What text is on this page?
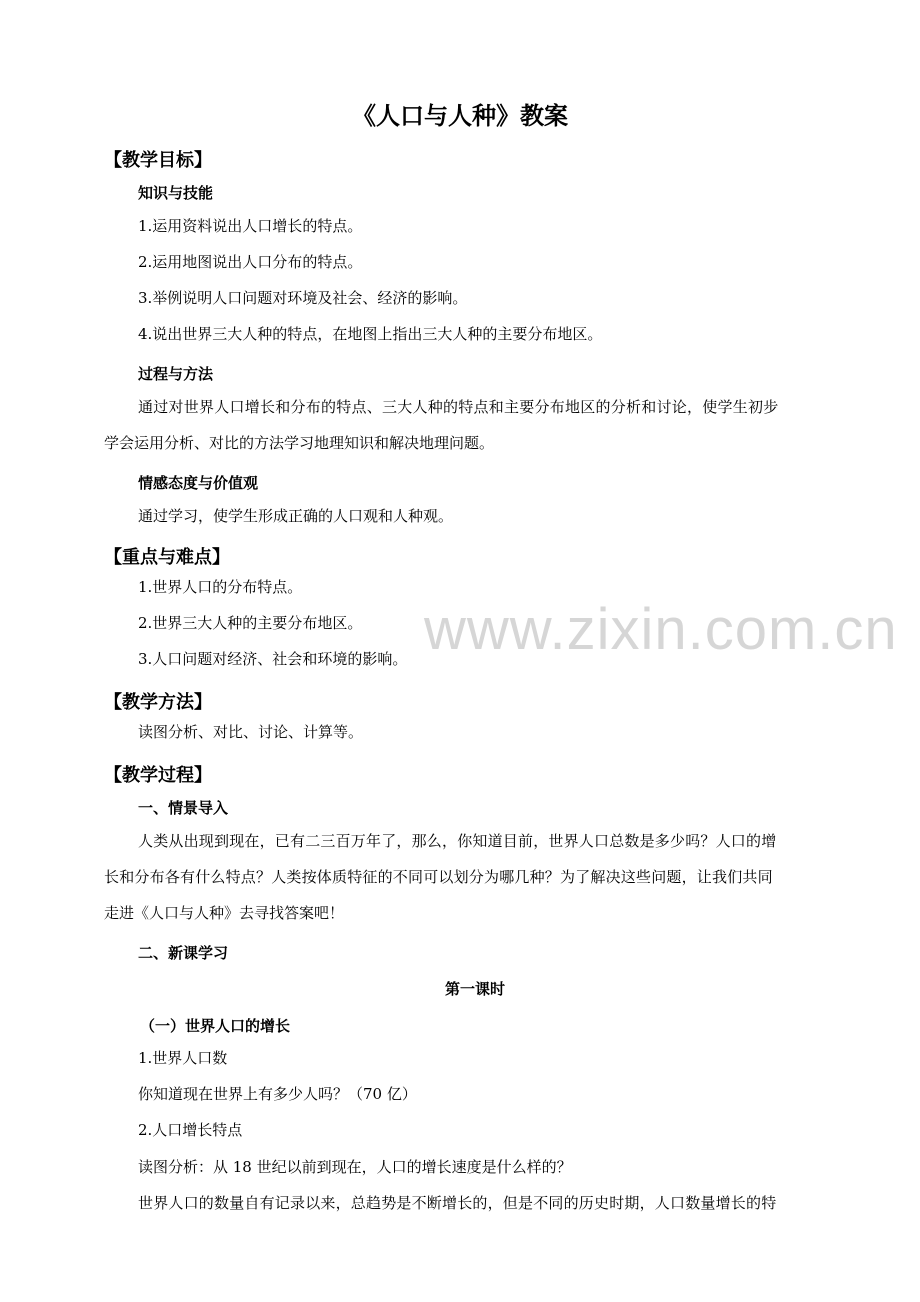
《人口与人种》教案
【教学目标】
知识与技能
1.运用资料说出人口增长的特点。
2.运用地图说出人口分布的特点。
3.举例说明人口问题对环境及社会、经济的影响。
4.说出世界三大人种的特点，在地图上指出三大人种的主要分布地区。
过程与方法
通过对世界人口增长和分布的特点、三大人种的特点和主要分布地区的分析和讨论，使学生初步
学会运用分析、对比的方法学习地理知识和解决地理问题。
情感态度与价值观
通过学习，使学生形成正确的人口观和人种观。
【重点与难点】
1.世界人口的分布特点。
2.世界三大人种的主要分布地区。
3.人口问题对经济、社会和环境的影响。
【教学方法】
读图分析、对比、讨论、计算等。
【教学过程】
一、情景导入
人类从出现到现在，已有二三百万年了，那么，你知道目前，世界人口总数是多少吗？人口的增
长和分布各有什么特点？人类按体质特征的不同可以划分为哪几种？为了解决这些问题，让我们共同
走进《人口与人种》去寻找答案吧！
二、新课学习
第一课时
（一）世界人口的增长
1.世界人口数
你知道现在世界上有多少人吗？（70 亿）
2.人口增长特点
读图分析：从 18 世纪以前到现在，人口的增长速度是什么样的？
世界人口的数量自有记录以来，总趋势是不断增长的，但是不同的历史时期，人口数量增长的特
www.zixin.com.cn
